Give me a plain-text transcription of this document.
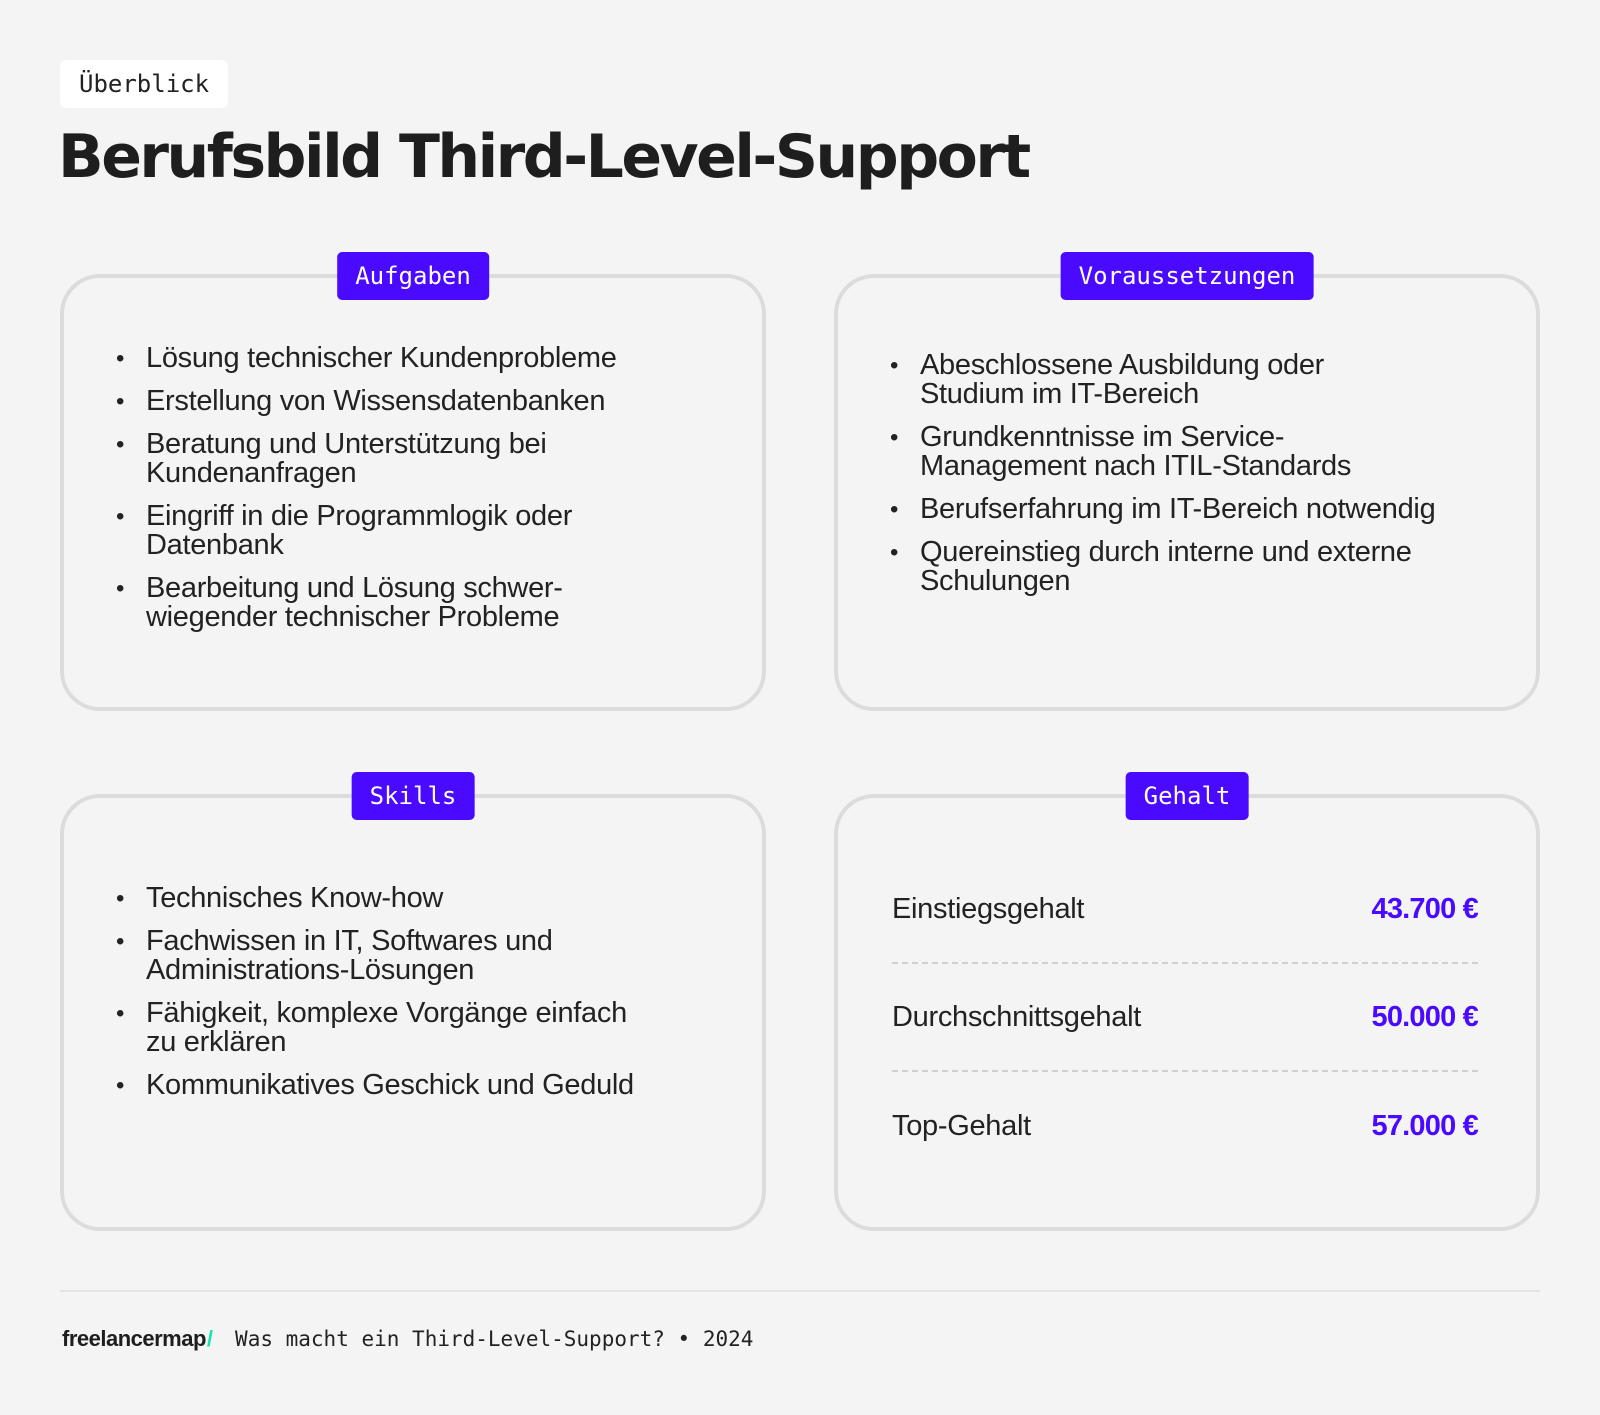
Überblick
Berufsbild Third-Level-Support
Aufgaben
• Lösung technischer Kundenprobleme
• Erstellung von Wissensdatenbanken
• Beratung und Unterstützung bei Kundenanfragen
• Eingriff in die Programmlogik oder Datenbank
• Bearbeitung und Lösung schwer-wiegender technischer Probleme
Voraussetzungen
• Abeschlossene Ausbildung oder Studium im IT-Bereich
• Grundkenntnisse im Service-Management nach ITIL-Standards
• Berufserfahrung im IT-Bereich notwendig
• Quereinstieg durch interne und externe Schulungen
Skills
• Technisches Know-how
• Fachwissen in IT, Softwares und Administrations-Lösungen
• Fähigkeit, komplexe Vorgänge einfach zu erklären
• Kommunikatives Geschick und Geduld
Gehalt
Einstiegsgehalt	43.700 €
Durchschnittsgehalt	50.000 €
Top-Gehalt	57.000 €
freelancermap / Was macht ein Third-Level-Support? • 2024
